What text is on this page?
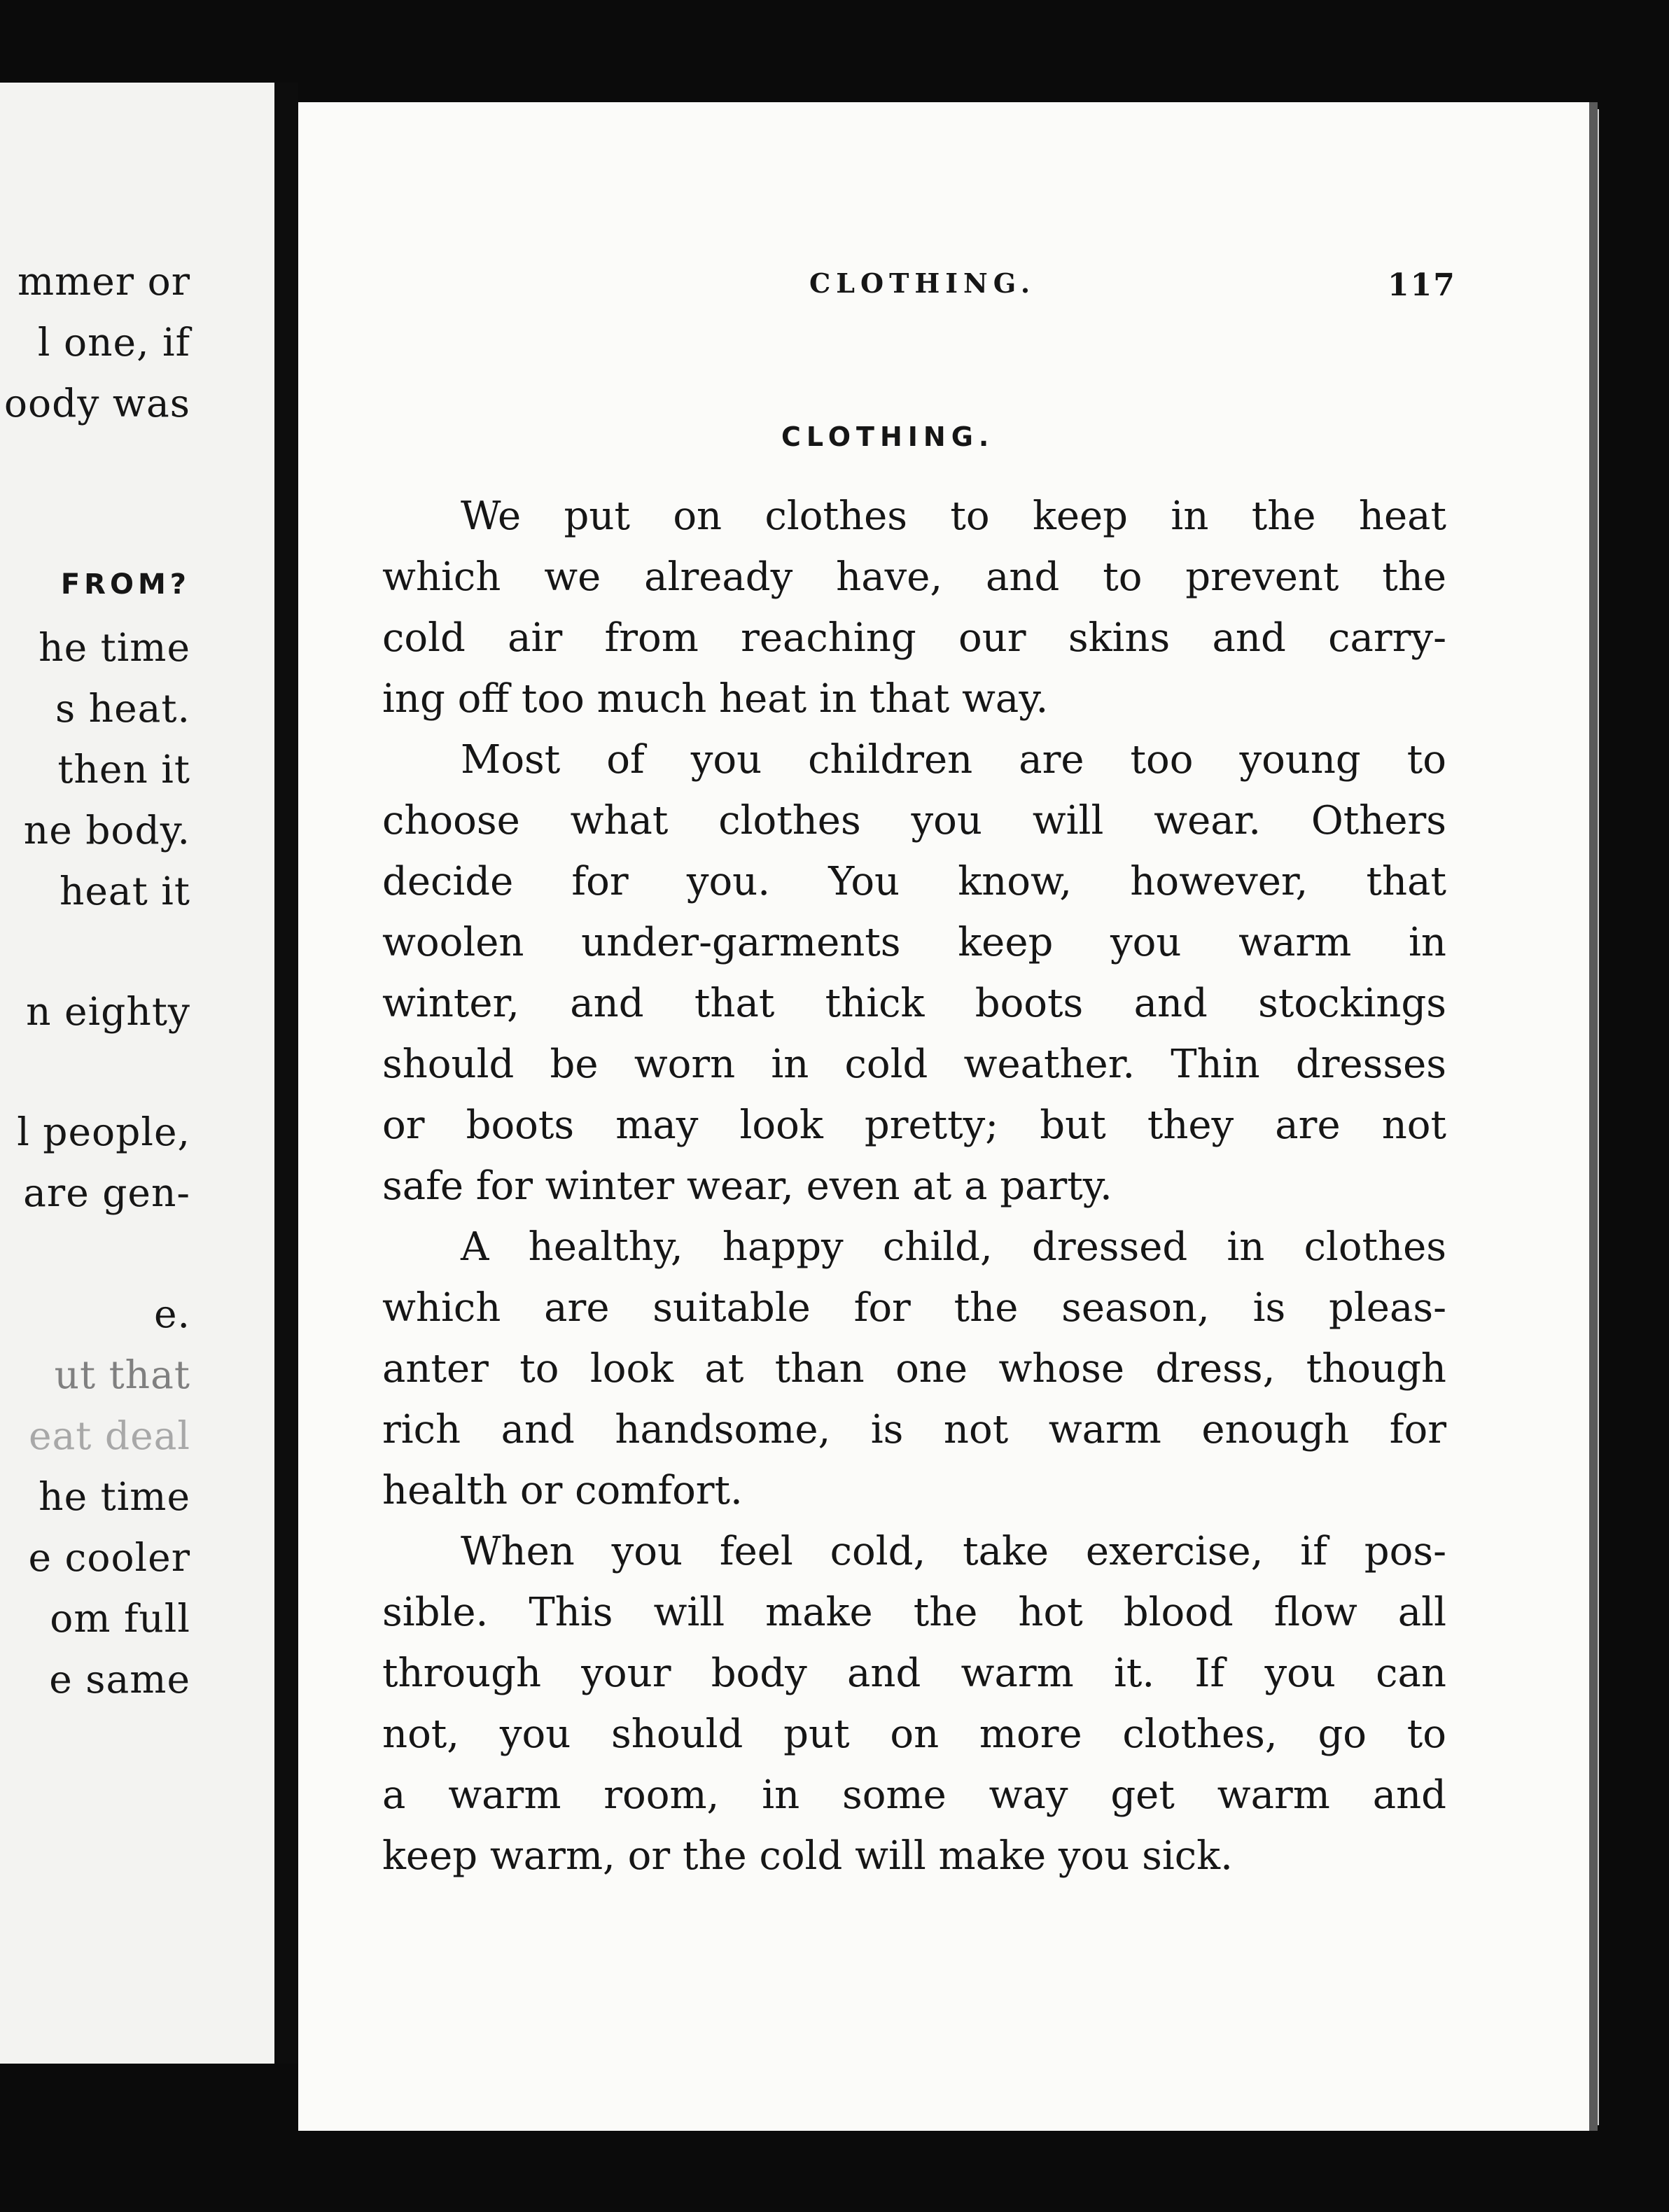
mmer or

l one, if

oody was

FROM?

he time

s heat.

then it

ne body.

heat it

n eighty

l people,

are gen-

e.

ut that

eat deal

he time

e cooler

om full

e same

CLOTHING.	117

CLOTHING.

We put on clothes to keep in the heat
which we already have, and to prevent the
cold air from reaching our skins and carry-
ing off too much heat in that way.

Most of you children are too young to
choose what clothes you will wear. Others
decide for you. You know, however, that
woolen under-garments keep you warm in
winter, and that thick boots and stockings
should be worn in cold weather. Thin dresses
or boots may look pretty; but they are not
safe for winter wear, even at a party.

A healthy, happy child, dressed in clothes
which are suitable for the season, is pleas-
anter to look at than one whose dress, though
rich and handsome, is not warm enough for
health or comfort.

When you feel cold, take exercise, if pos-
sible. This will make the hot blood flow all
through your body and warm it. If you can
not, you should put on more clothes, go to
a warm room, in some way get warm and
keep warm, or the cold will make you sick.
